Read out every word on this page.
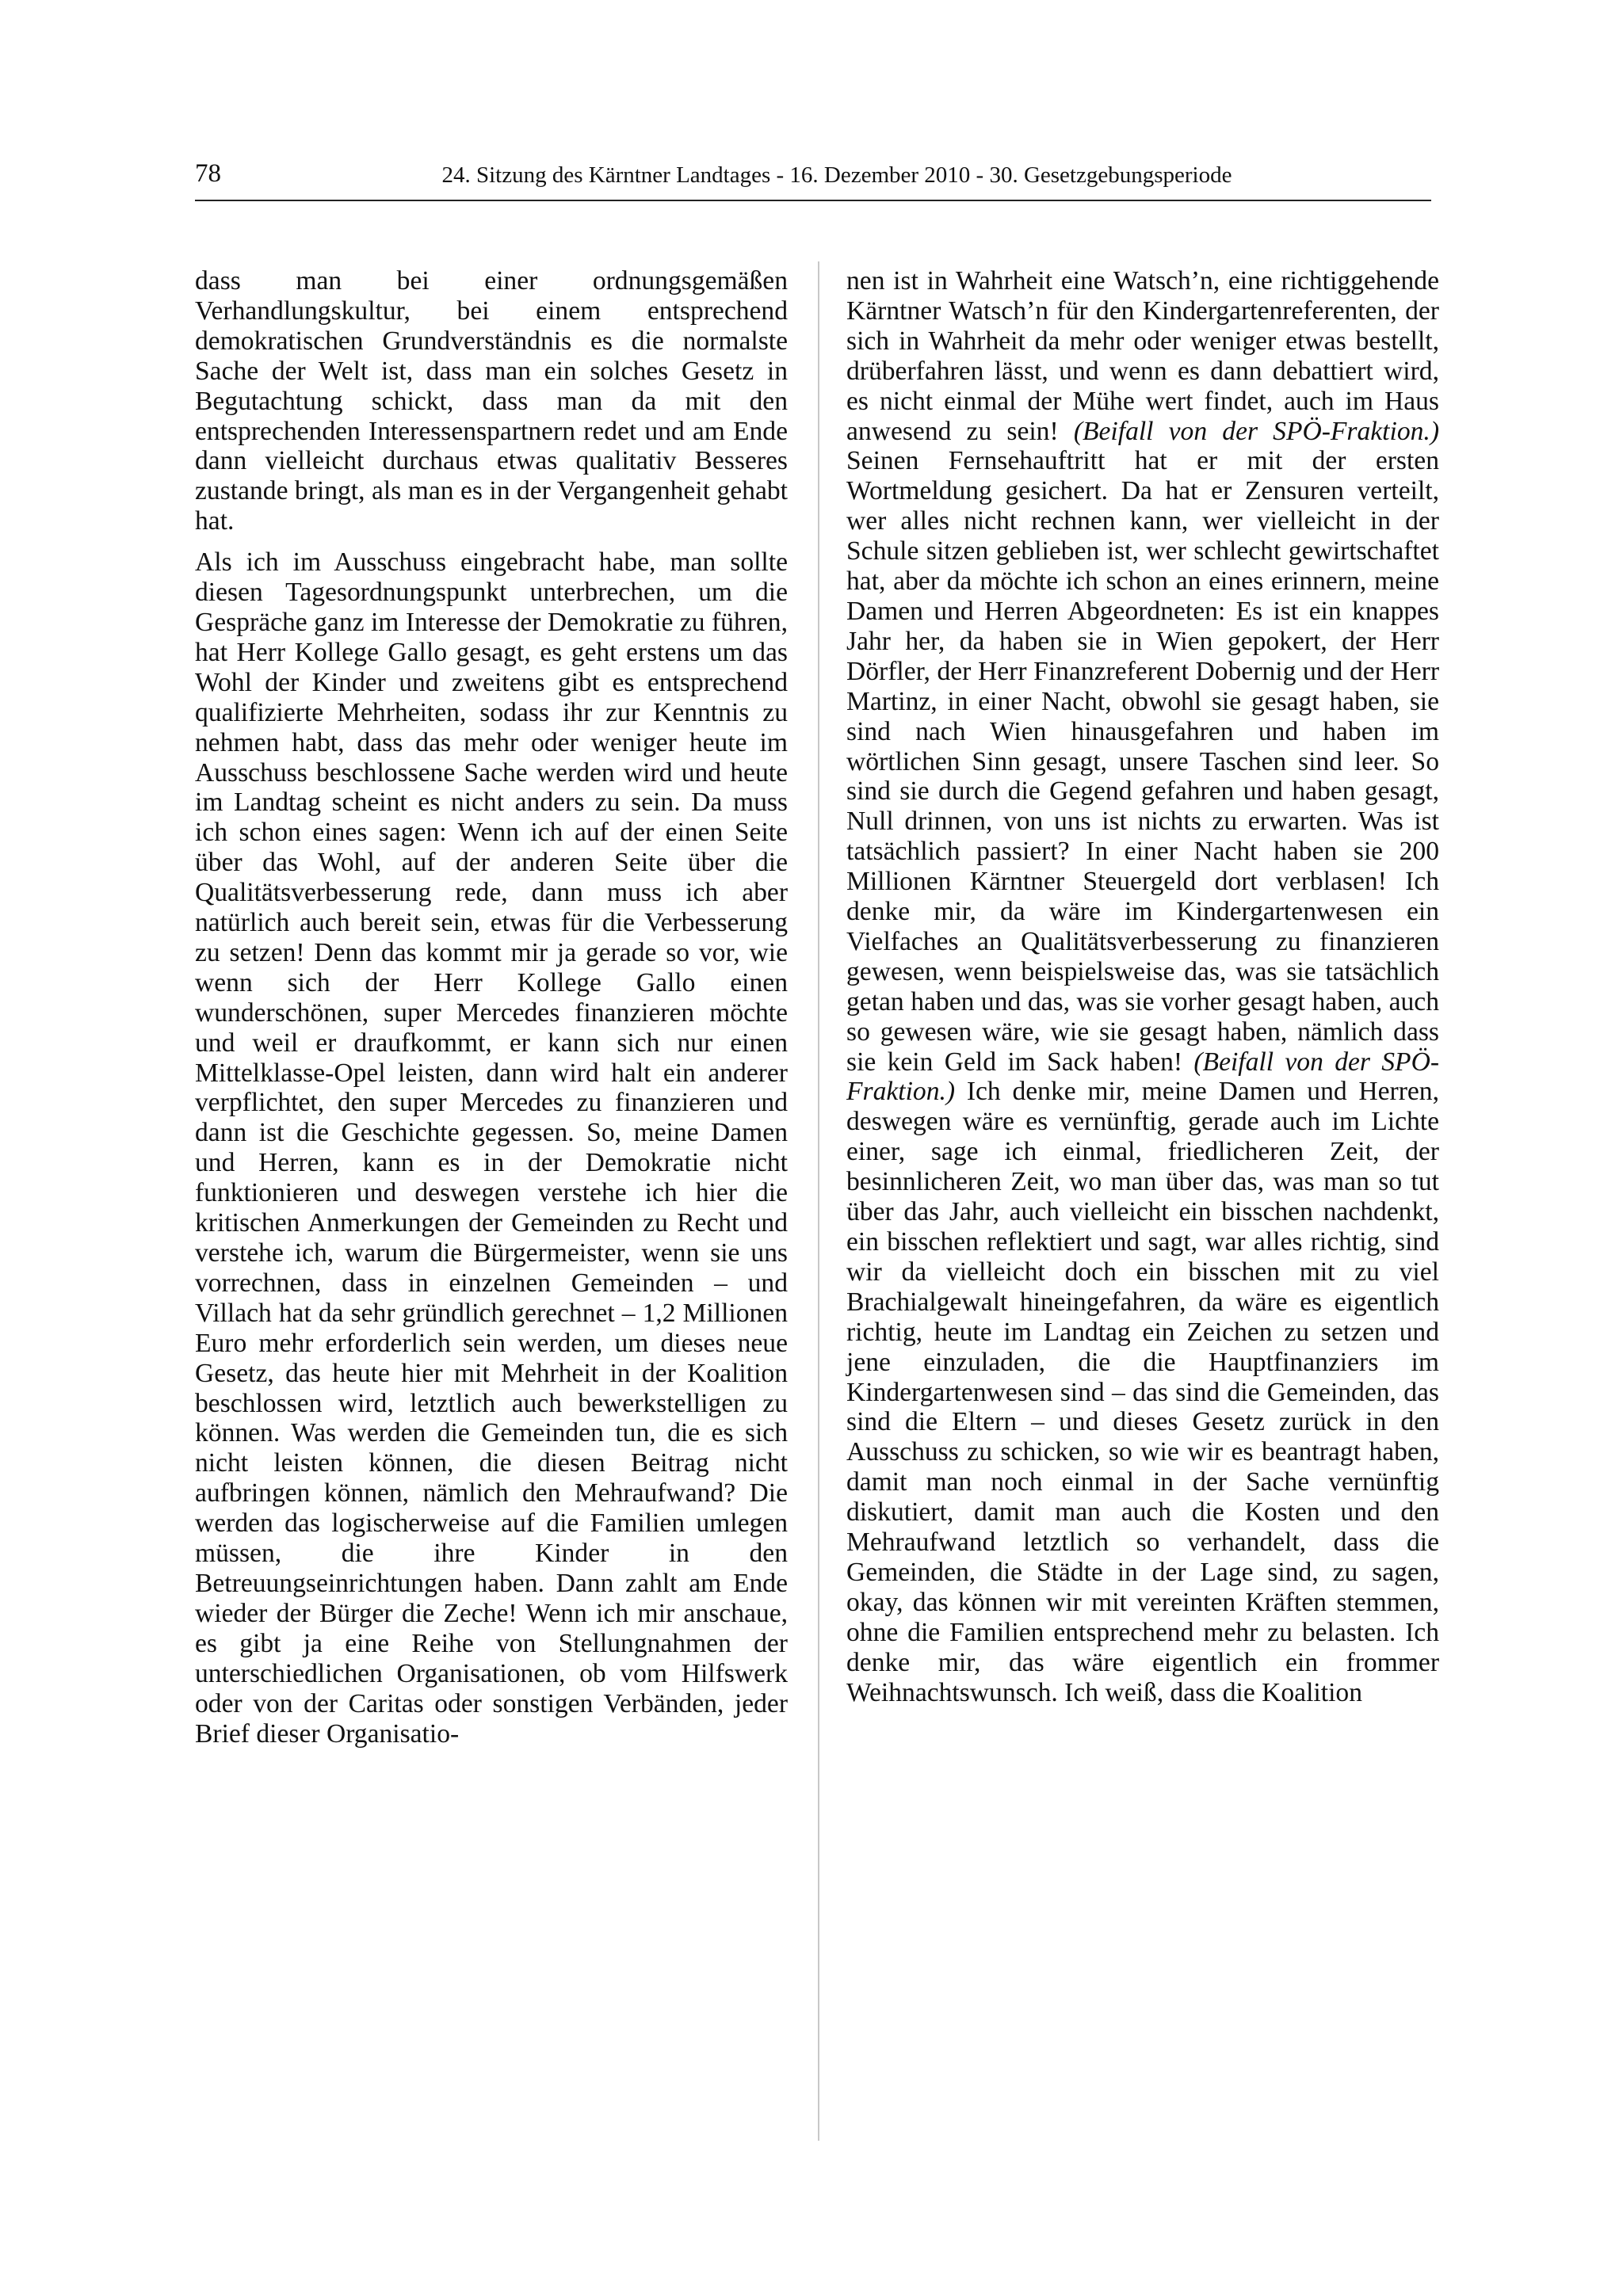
78	24. Sitzung des Kärntner Landtages - 16. Dezember 2010 - 30. Gesetzgebungsperiode

dass man bei einer ordnungsgemäßen Verhandlungskultur, bei einem entsprechend demokratischen Grundverständnis es die normalste Sache der Welt ist, dass man ein solches Gesetz in Begutachtung schickt, dass man da mit den entsprechenden Interessenspartnern redet und am Ende dann vielleicht durchaus etwas qualitativ Besseres zustande bringt, als man es in der Vergangenheit gehabt hat.

Als ich im Ausschuss eingebracht habe, man sollte diesen Tagesordnungspunkt unterbrechen, um die Gespräche ganz im Interesse der Demokratie zu führen, hat Herr Kollege Gallo gesagt, es geht erstens um das Wohl der Kinder und zweitens gibt es entsprechend qualifizierte Mehrheiten, sodass ihr zur Kenntnis zu nehmen habt, dass das mehr oder weniger heute im Ausschuss beschlossene Sache werden wird und heute im Landtag scheint es nicht anders zu sein. Da muss ich schon eines sagen: Wenn ich auf der einen Seite über das Wohl, auf der anderen Seite über die Qualitätsverbesserung rede, dann muss ich aber natürlich auch bereit sein, etwas für die Verbesserung zu setzen! Denn das kommt mir ja gerade so vor, wie wenn sich der Herr Kollege Gallo einen wunderschönen, super Mercedes finanzieren möchte und weil er draufkommt, er kann sich nur einen Mittelklasse-Opel leisten, dann wird halt ein anderer verpflichtet, den super Mercedes zu finanzieren und dann ist die Geschichte gegessen. So, meine Damen und Herren, kann es in der Demokratie nicht funktionieren und deswegen verstehe ich hier die kritischen Anmerkungen der Gemeinden zu Recht und verstehe ich, warum die Bürgermeister, wenn sie uns vorrechnen, dass in einzelnen Gemeinden – und Villach hat da sehr gründlich gerechnet – 1,2 Millionen Euro mehr erforderlich sein werden, um dieses neue Gesetz, das heute hier mit Mehrheit in der Koalition beschlossen wird, letztlich auch bewerkstelligen zu können. Was werden die Gemeinden tun, die es sich nicht leisten können, die diesen Beitrag nicht aufbringen können, nämlich den Mehraufwand? Die werden das logischerweise auf die Familien umlegen müssen, die ihre Kinder in den Betreuungseinrichtungen haben. Dann zahlt am Ende wieder der Bürger die Zeche! Wenn ich mir anschaue, es gibt ja eine Reihe von Stellungnahmen der unterschiedlichen Organisationen, ob vom Hilfswerk oder von der Caritas oder sonstigen Verbänden, jeder Brief dieser Organisatio-

nen ist in Wahrheit eine Watsch’n, eine richtiggehende Kärntner Watsch’n für den Kindergartenreferenten, der sich in Wahrheit da mehr oder weniger etwas bestellt, drüberfahren lässt, und wenn es dann debattiert wird, es nicht einmal der Mühe wert findet, auch im Haus anwesend zu sein! (Beifall von der SPÖ-Fraktion.) Seinen Fernsehauftritt hat er mit der ersten Wortmeldung gesichert. Da hat er Zensuren verteilt, wer alles nicht rechnen kann, wer vielleicht in der Schule sitzen geblieben ist, wer schlecht gewirtschaftet hat, aber da möchte ich schon an eines erinnern, meine Damen und Herren Abgeordneten: Es ist ein knappes Jahr her, da haben sie in Wien gepokert, der Herr Dörfler, der Herr Finanzreferent Dobernig und der Herr Martinz, in einer Nacht, obwohl sie gesagt haben, sie sind nach Wien hinausgefahren und haben im wörtlichen Sinn gesagt, unsere Taschen sind leer. So sind sie durch die Gegend gefahren und haben gesagt, Null drinnen, von uns ist nichts zu erwarten. Was ist tatsächlich passiert? In einer Nacht haben sie 200 Millionen Kärntner Steuergeld dort verblasen! Ich denke mir, da wäre im Kindergartenwesen ein Vielfaches an Qualitätsverbesserung zu finanzieren gewesen, wenn beispielsweise das, was sie tatsächlich getan haben und das, was sie vorher gesagt haben, auch so gewesen wäre, wie sie gesagt haben, nämlich dass sie kein Geld im Sack haben! (Beifall von der SPÖ-Fraktion.) Ich denke mir, meine Damen und Herren, deswegen wäre es vernünftig, gerade auch im Lichte einer, sage ich einmal, friedlicheren Zeit, der besinnlicheren Zeit, wo man über das, was man so tut über das Jahr, auch vielleicht ein bisschen nachdenkt, ein bisschen reflektiert und sagt, war alles richtig, sind wir da vielleicht doch ein bisschen mit zu viel Brachialgewalt hineingefahren, da wäre es eigentlich richtig, heute im Landtag ein Zeichen zu setzen und jene einzuladen, die die Hauptfinanziers im Kindergartenwesen sind – das sind die Gemeinden, das sind die Eltern – und dieses Gesetz zurück in den Ausschuss zu schicken, so wie wir es beantragt haben, damit man noch einmal in der Sache vernünftig diskutiert, damit man auch die Kosten und den Mehraufwand letztlich so verhandelt, dass die Gemeinden, die Städte in der Lage sind, zu sagen, okay, das können wir mit vereinten Kräften stemmen, ohne die Familien entsprechend mehr zu belasten. Ich denke mir, das wäre eigentlich ein frommer Weihnachtswunsch. Ich weiß, dass die Koalition
